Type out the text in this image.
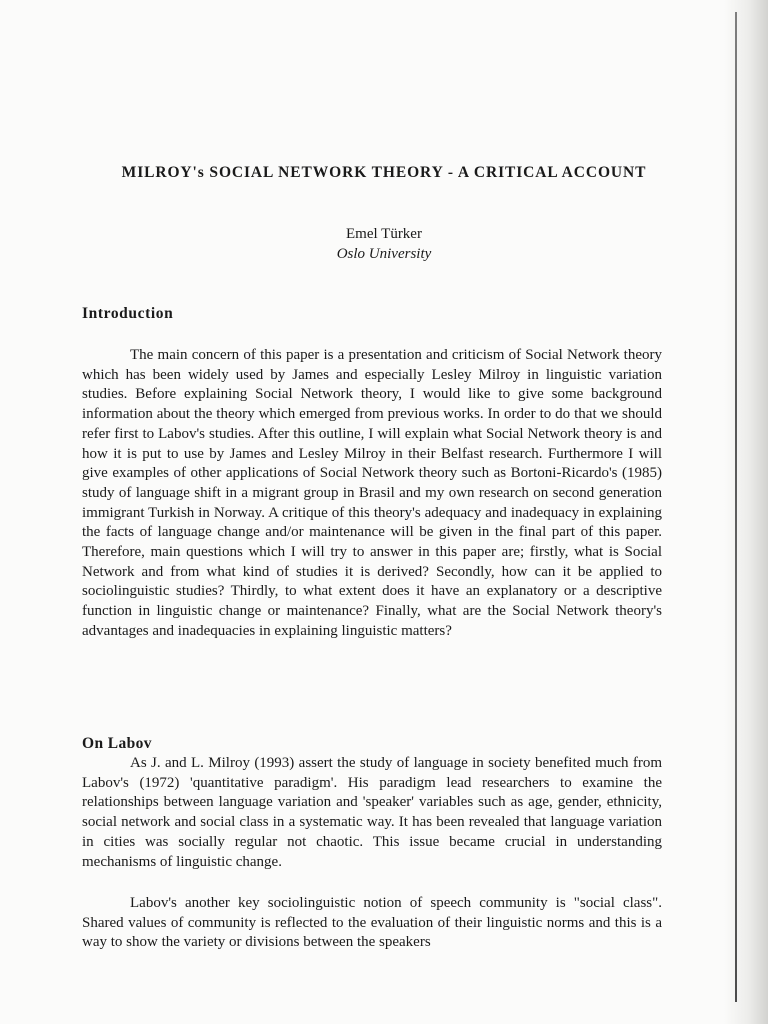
MILROY's SOCIAL NETWORK THEORY - A CRITICAL ACCOUNT
Emel Türker
Oslo University
Introduction

The main concern of this paper is a presentation and criticism of Social Network theory which has been widely used by James and especially Lesley Milroy in linguistic variation studies. Before explaining Social Network theory, I would like to give some background information about the theory which emerged from previous works. In order to do that we should refer first to Labov's studies. After this outline, I will explain what Social Network theory is and how it is put to use by James and Lesley Milroy in their Belfast research. Furthermore I will give examples of other applications of Social Network theory such as Bortoni-Ricardo's (1985) study of language shift in a migrant group in Brasil and my own research on second generation immigrant Turkish in Norway. A critique of this theory's adequacy and inadequacy in explaining the facts of language change and/or maintenance will be given in the final part of this paper. Therefore, main questions which I will try to answer in this paper are; firstly, what is Social Network and from what kind of studies it is derived? Secondly, how can it be applied to sociolinguistic studies? Thirdly, to what extent does it have an explanatory or a descriptive function in linguistic change or maintenance? Finally, what are the Social Network theory's advantages and inadequacies in explaining linguistic matters?

On Labov

As J. and L. Milroy (1993) assert the study of language in society benefited much from Labov's (1972) 'quantitative paradigm'. His paradigm lead researchers to examine the relationships between language variation and 'speaker' variables such as age, gender, ethnicity, social network and social class in a systematic way. It has been revealed that language variation in cities was socially regular not chaotic. This issue became crucial in understanding mechanisms of linguistic change.

Labov's another key sociolinguistic notion of speech community is "social class". Shared values of community is reflected to the evaluation of their linguistic norms and this is a way to show the variety or divisions between the speakers
